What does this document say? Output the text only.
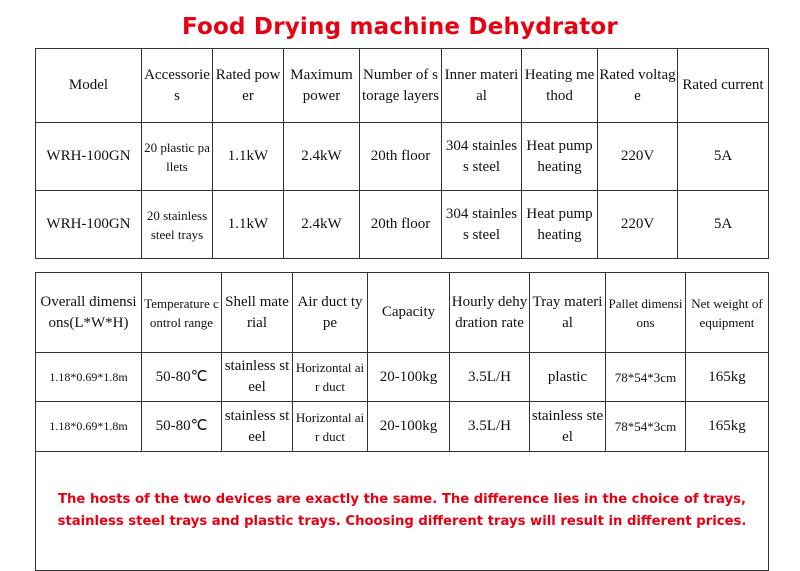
Food Drying machine Dehydrator
Model	Accessories	Rated power	Maximum power	Number of storage layers	Inner material	Heating method	Rated voltage	Rated current
WRH-100GN	20 plastic pallets	1.1kW	2.4kW	20th floor	304 stainless steel	Heat pump heating	220V	5A
WRH-100GN	20 stainless steel trays	1.1kW	2.4kW	20th floor	304 stainless steel	Heat pump heating	220V	5A
Overall dimensions(L*W*H)	Temperature control range	Shell material	Air duct type	Capacity	Hourly dehydration rate	Tray material	Pallet dimensions	Net weight of equipment
1.18*0.69*1.8m	50-80℃	stainless steel	Horizontal air duct	20-100kg	3.5L/H	plastic	78*54*3cm	165kg
1.18*0.69*1.8m	50-80℃	stainless steel	Horizontal air duct	20-100kg	3.5L/H	stainless steel	78*54*3cm	165kg
The hosts of the two devices are exactly the same. The difference lies in the choice of trays, stainless steel trays and plastic trays. Choosing different trays will result in different prices.								
